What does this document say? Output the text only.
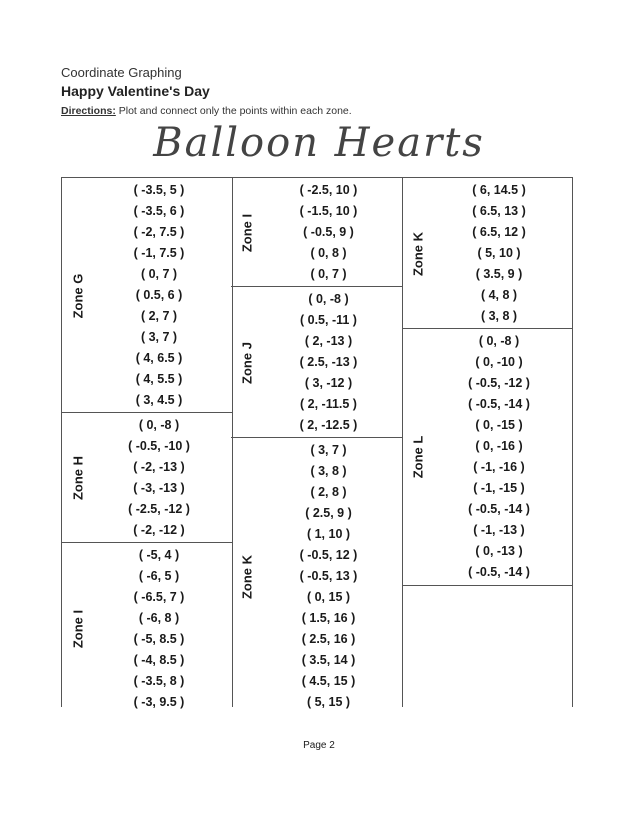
Coordinate Graphing
Happy Valentine's Day
Directions: Plot and connect only the points within each zone.
Balloon Hearts
Zone G
( -3.5, 5 )
( -3.5, 6 )
( -2, 7.5 )
( -1, 7.5 )
( 0, 7 )
( 0.5, 6 )
( 2, 7 )
( 3, 7 )
( 4, 6.5 )
( 4, 5.5 )
( 3, 4.5 )
Zone H
( 0, -8 )
( -0.5, -10 )
( -2, -13 )
( -3, -13 )
( -2.5, -12 )
( -2, -12 )
Zone I
( -5, 4 )
( -6, 5 )
( -6.5, 7 )
( -6, 8 )
( -5, 8.5 )
( -4, 8.5 )
( -3.5, 8 )
( -3, 9.5 )
Zone I
( -2.5, 10 )
( -1.5, 10 )
( -0.5, 9 )
( 0, 8 )
( 0, 7 )
Zone J
( 0, -8 )
( 0.5, -11 )
( 2, -13 )
( 2.5, -13 )
( 3, -12 )
( 2, -11.5 )
( 2, -12.5 )
Zone K
( 3, 7 )
( 3, 8 )
( 2, 8 )
( 2.5, 9 )
( 1, 10 )
( -0.5, 12 )
( -0.5, 13 )
( 0, 15 )
( 1.5, 16 )
( 2.5, 16 )
( 3.5, 14 )
( 4.5, 15 )
( 5, 15 )
Zone K
( 6, 14.5 )
( 6.5, 13 )
( 6.5, 12 )
( 5, 10 )
( 3.5, 9 )
( 4, 8 )
( 3, 8 )
Zone L
( 0, -8 )
( 0, -10 )
( -0.5, -12 )
( -0.5, -14 )
( 0, -15 )
( 0, -16 )
( -1, -16 )
( -1, -15 )
( -0.5, -14 )
( -1, -13 )
( 0, -13 )
( -0.5, -14 )
Page 2
